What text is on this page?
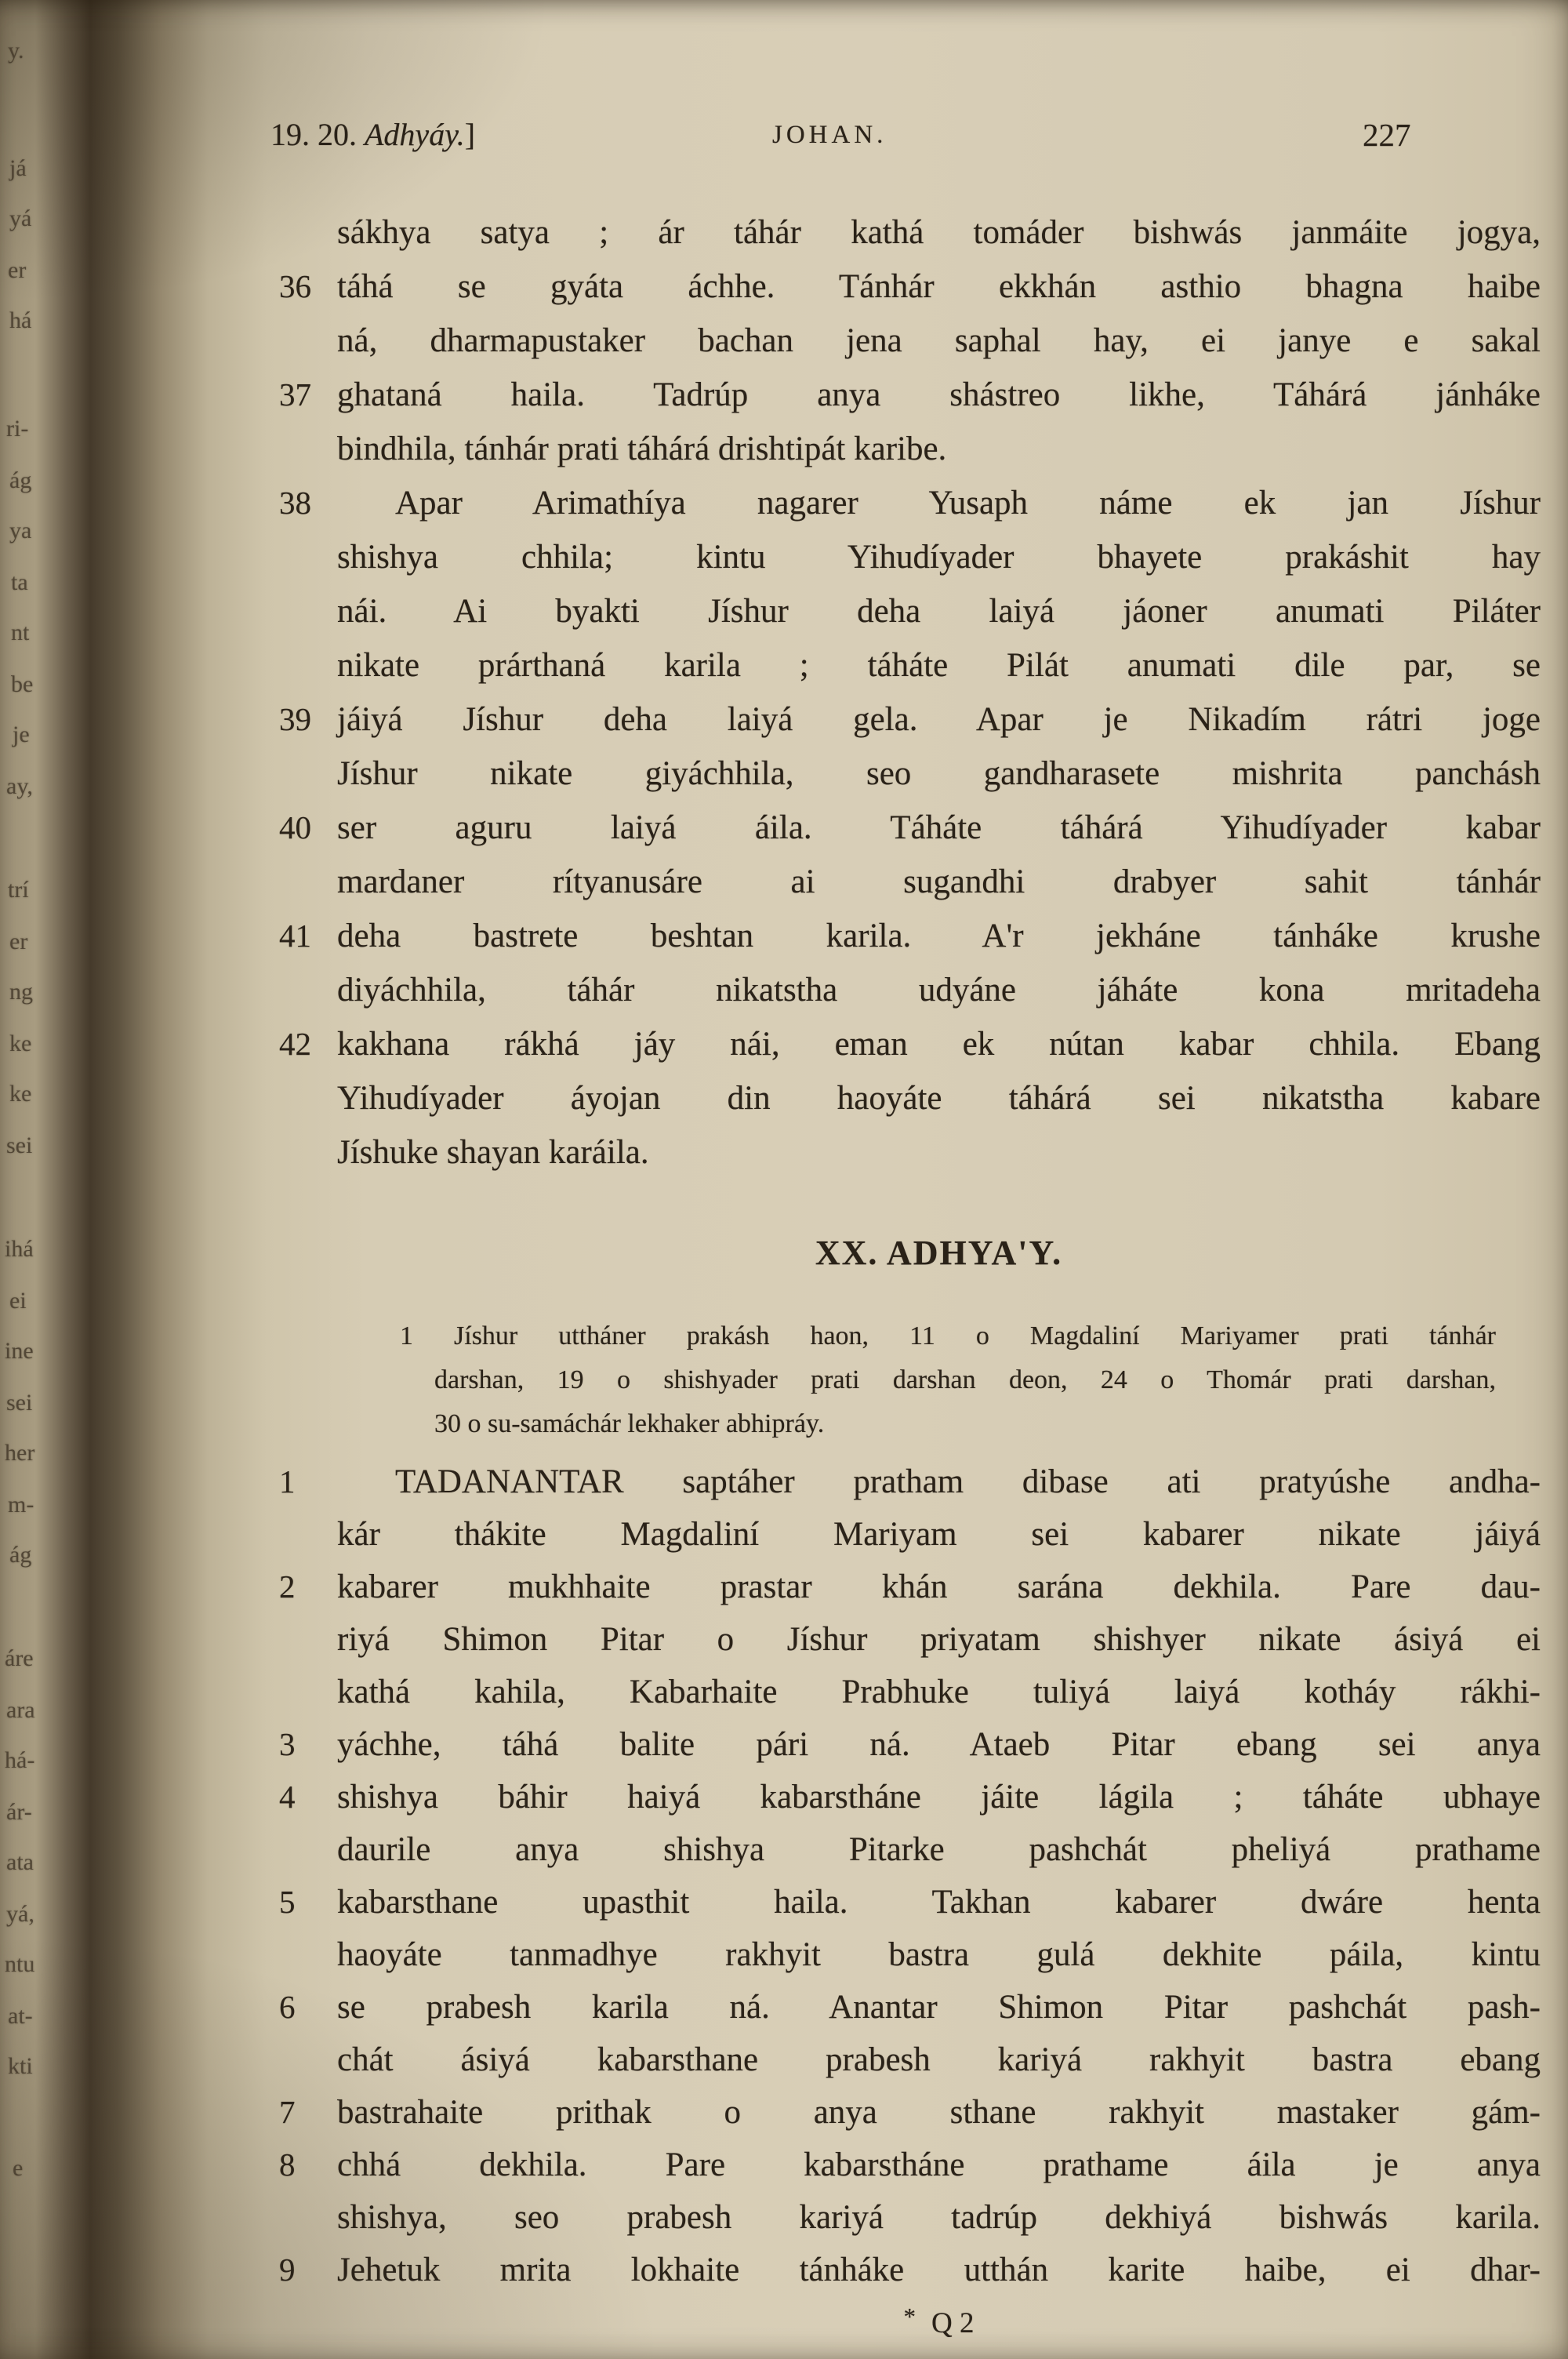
y.
já
yá
er
há
ri-
ág
ya
ta
nt
be
je
ay,
trí
er
ng
ke
ke
sei
ihá
ei
ine
sei
her
m-
ág
áre
ara
há-
ár-
ata
yá,
ntu
at-
kti
e
19. 20. Adhyáy.]	JOHAN.	227
sákhya satya ; ár táhár kathá tomáder bishwás janmáite jogya,
36 táhá se gyáta áchhe. Tánhár ekkhán asthio bhagna haibe
ná, dharmapustaker bachan jena saphal hay, ei janye e sakal
37 ghataná haila. Tadrúp anya shástreo likhe, Táhárá jánháke
bindhila, tánhár prati táhárá drishtipát karibe.
38	Apar Arimathíya nagarer Yusaph náme ek jan Jíshur
shishya chhila; kintu Yihudíyader bhayete prakáshit hay
nái. Ai byakti Jíshur deha laiyá jáoner anumati Piláter
nikate prárthaná karila ; táháte Pilát anumati dile par, se
39 jáiyá Jíshur deha laiyá gela. Apar je Nikadím rátri joge
Jíshur nikate giyáchhila, seo gandharasete mishrita panchásh
40 ser aguru laiyá áila. Táháte táhárá Yihudíyader kabar
mardaner rítyanusáre ai sugandhi drabyer sahit tánhár
41 deha bastrete beshtan karila. A'r jekháne tánháke krushe
diyáchhila, táhár nikatstha udyáne jáháte kona mritadeha
42 kakhana rákhá jáy nái, eman ek nútan kabar chhila. Ebang
Yihudíyader áyojan din haoyáte táhárá sei nikatstha kabare
Jíshuke shayan karáila.
XX. ADHYA'Y.
1 Jíshur uttháner prakásh haon, 11 o Magdaliní Mariyamer prati tánhár
darshan, 19 o shishyader prati darshan deon, 24 o Thomár prati darshan,
30 o su-samáchár lekhaker abhipráy.
1	TADANANTAR saptáher pratham dibase ati pratyúshe andha-
kár thákite Magdaliní Mariyam sei kabarer nikate jáiyá
2	kabarer mukhhaite prastar khán sarána dekhila. Pare dau-
riyá Shimon Pitar o Jíshur priyatam shishyer nikate ásiyá ei
kathá kahila, Kabarhaite Prabhuke tuliyá laiyá kotháy rákhi-
3	yáchhe, táhá balite pári ná. Ataeb Pitar ebang sei anya
4	shishya báhir haiyá kabarstháne jáite lágila ; táháte ubhaye
daurile anya shishya Pitarke pashchát pheliyá prathame
5	kabarsthane upasthit haila. Takhan kabarer dwáre henta
haoyáte tanmadhye rakhyit bastra gulá dekhite páila, kintu
6	se prabesh karila ná. Anantar Shimon Pitar pashchát pash-
chát ásiyá kabarsthane prabesh kariyá rakhyit bastra ebang
7	bastrahaite prithak o anya sthane rakhyit mastaker gám-
8	chhá dekhila. Pare kabarstháne prathame áila je anya
shishya, seo prabesh kariyá tadrúp dekhiyá bishwás karila.
9	Jehetuk mrita lokhaite tánháke utthán karite haibe, ei dhar-
* Q 2
